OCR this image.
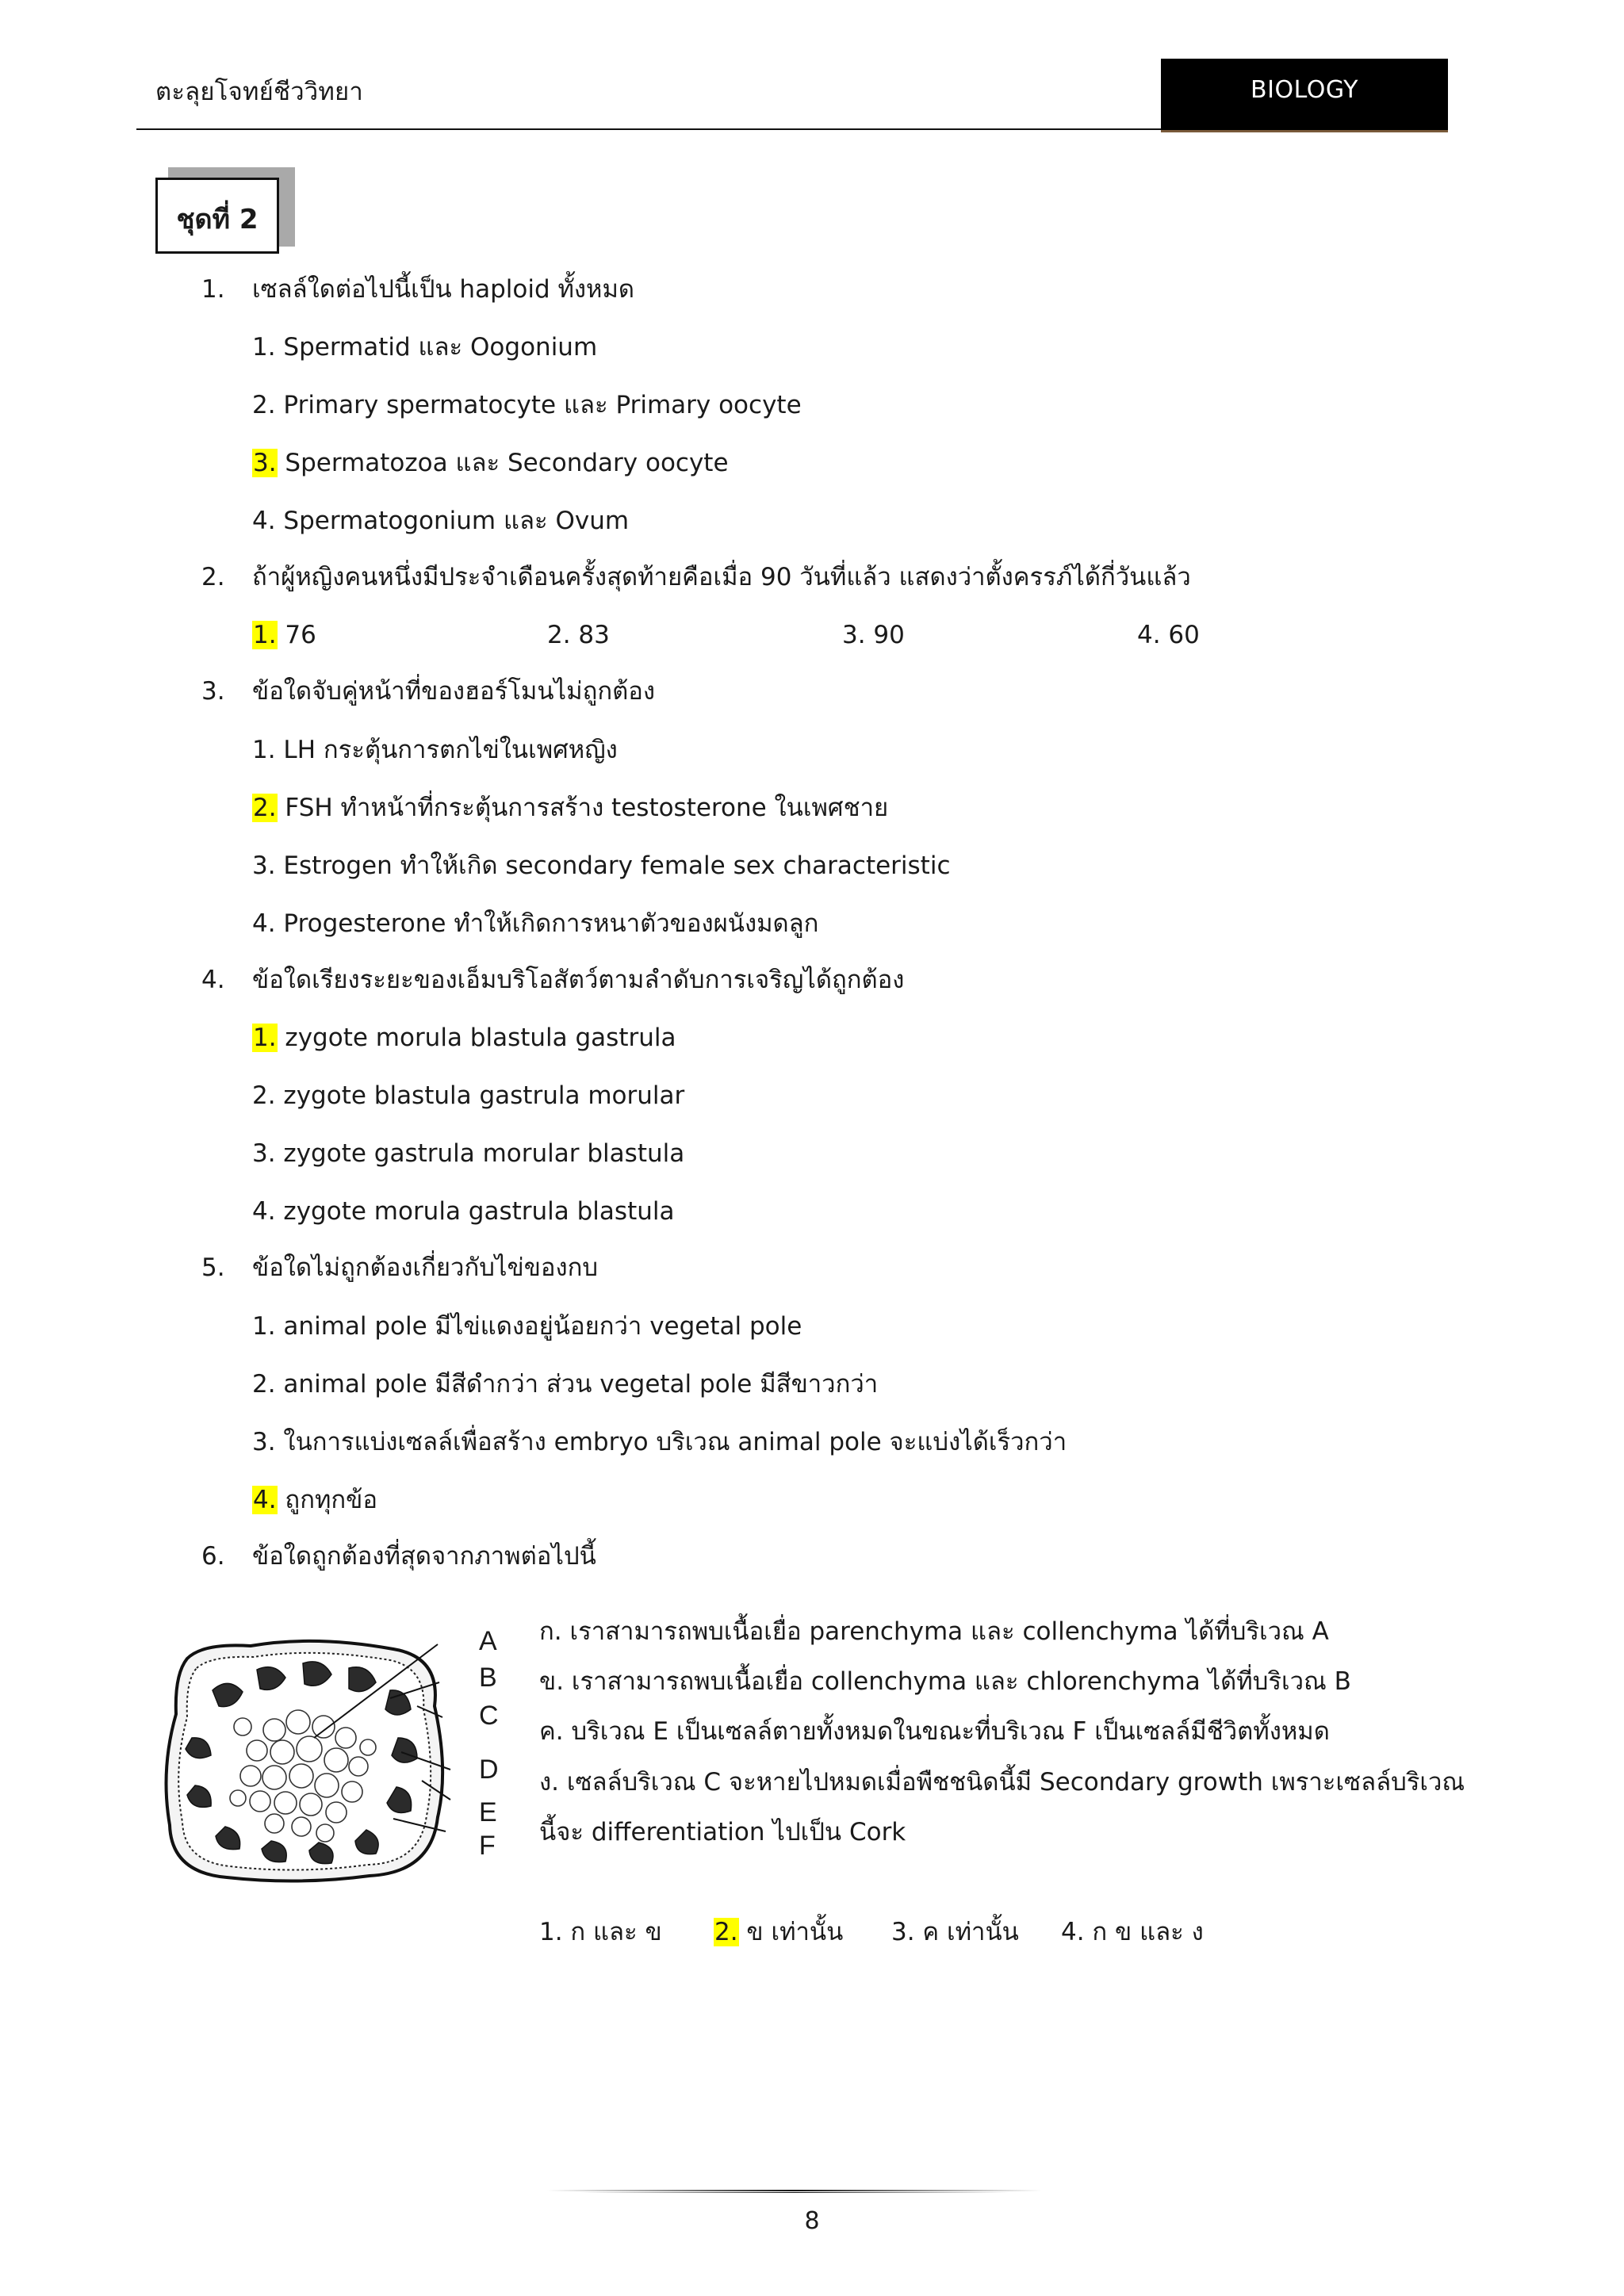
ตะลุยโจทย์ชีววิทยา	BIOLOGY
ชุดที่ 2
1. เซลล์ใดต่อไปนี้เป็น haploid ทั้งหมด
1. Spermatid และ Oogonium
2. Primary spermatocyte และ Primary oocyte
3. Spermatozoa และ Secondary oocyte
4. Spermatogonium และ Ovum
2. ถ้าผู้หญิงคนหนึ่งมีประจำเดือนครั้งสุดท้ายคือเมื่อ 90 วันที่แล้ว แสดงว่าตั้งครรภ์ได้กี่วันแล้ว
1. 76	2. 83	3. 90	4. 60
3. ข้อใดจับคู่หน้าที่ของฮอร์โมนไม่ถูกต้อง
1. LH กระตุ้นการตกไข่ในเพศหญิง
2. FSH ทำหน้าที่กระตุ้นการสร้าง testosterone ในเพศชาย
3. Estrogen ทำให้เกิด secondary female sex characteristic
4. Progesterone ทำให้เกิดการหนาตัวของผนังมดลูก
4. ข้อใดเรียงระยะของเอ็มบริโอสัตว์ตามลำดับการเจริญได้ถูกต้อง
1. zygote morula blastula gastrula
2. zygote blastula gastrula morular
3. zygote gastrula morular blastula
4. zygote morula gastrula blastula
5. ข้อใดไม่ถูกต้องเกี่ยวกับไข่ของกบ
1. animal pole มีไข่แดงอยู่น้อยกว่า vegetal pole
2. animal pole มีสีดำกว่า ส่วน vegetal pole มีสีขาวกว่า
3. ในการแบ่งเซลล์เพื่อสร้าง embryo บริเวณ animal pole จะแบ่งได้เร็วกว่า
4. ถูกทุกข้อ
6. ข้อใดถูกต้องที่สุดจากภาพต่อไปนี้
A
B
C
D
E
F
ก. เราสามารถพบเนื้อเยื่อ parenchyma และ collenchyma ได้ที่บริเวณ A
ข. เราสามารถพบเนื้อเยื่อ collenchyma และ chlorenchyma ได้ที่บริเวณ B
ค. บริเวณ E เป็นเซลล์ตายทั้งหมดในขณะที่บริเวณ F เป็นเซลล์มีชีวิตทั้งหมด
ง. เซลล์บริเวณ C จะหายไปหมดเมื่อพืชชนิดนี้มี Secondary growth เพราะเซลล์บริเวณ
นี้จะ differentiation ไปเป็น Cork
1. ก และ ข 2. ข เท่านั้น 3. ค เท่านั้น 4. ก ข และ ง
8
